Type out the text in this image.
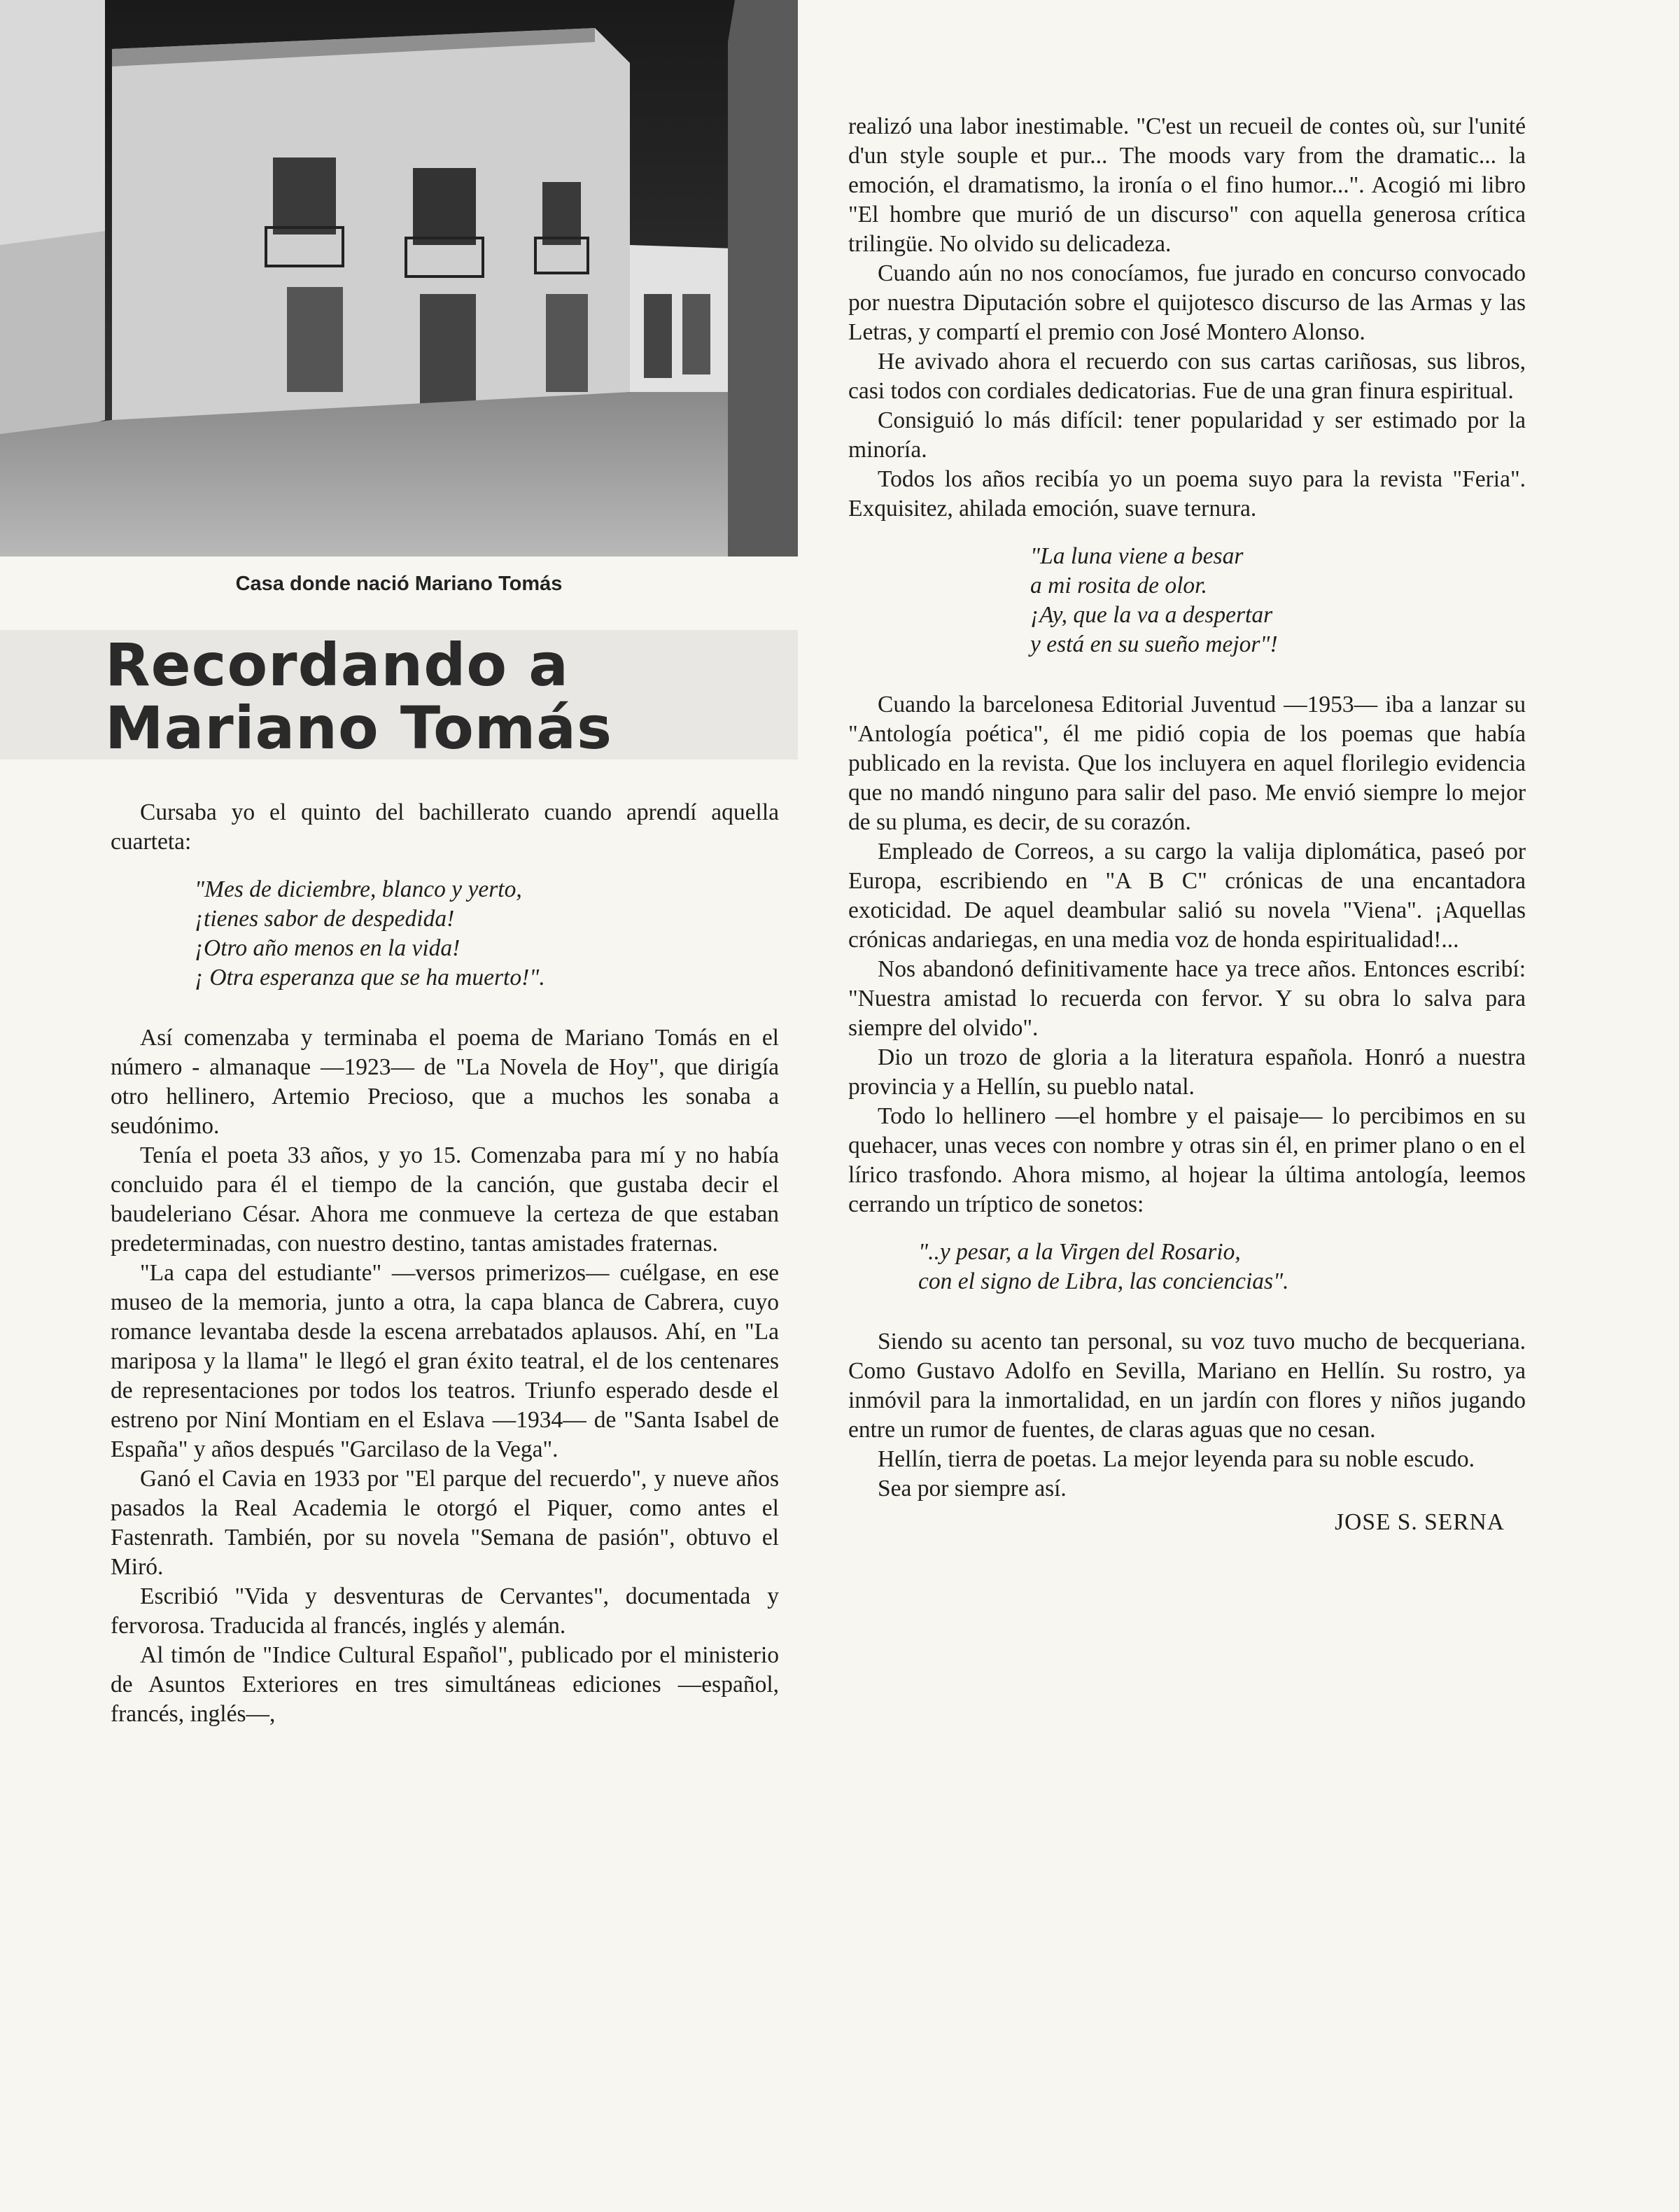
Casa donde nació Mariano Tomás
Recordando a
Mariano Tomás

Cursaba yo el quinto del bachillerato cuando aprendí aquella cuarteta:

"Mes de diciembre, blanco y yerto,
¡tienes sabor de despedida!
¡Otro año menos en la vida!
¡ Otra esperanza que se ha muerto!".

Así comenzaba y terminaba el poema de Mariano Tomás en el número - almanaque —1923— de "La Novela de Hoy", que dirigía otro hellinero, Artemio Precioso, que a muchos les sonaba a seudónimo.

Tenía el poeta 33 años, y yo 15. Comenzaba para mí y no había concluido para él el tiempo de la canción, que gustaba decir el baudeleriano César. Ahora me conmueve la certeza de que estaban predeterminadas, con nuestro destino, tantas amistades fraternas.

"La capa del estudiante" —versos primerizos— cuélgase, en ese museo de la memoria, junto a otra, la capa blanca de Cabrera, cuyo romance levantaba desde la escena arrebatados aplausos. Ahí, en "La mariposa y la llama" le llegó el gran éxito teatral, el de los centenares de representaciones por todos los teatros. Triunfo esperado desde el estreno por Niní Montiam en el Eslava —1934— de "Santa Isabel de España" y años después "Garcilaso de la Vega".

Ganó el Cavia en 1933 por "El parque del recuerdo", y nueve años pasados la Real Academia le otorgó el Piquer, como antes el Fastenrath. También, por su novela "Semana de pasión", obtuvo el Miró.

Escribió "Vida y desventuras de Cervantes", documentada y fervorosa. Traducida al francés, inglés y alemán.

Al timón de "Indice Cultural Español", publicado por el ministerio de Asuntos Exteriores en tres simultáneas ediciones —español, francés, inglés—,

realizó una labor inestimable. "C'est un recueil de contes où, sur l'unité d'un style souple et pur... The moods vary from the dramatic... la emoción, el dramatismo, la ironía o el fino humor...". Acogió mi libro "El hombre que murió de un discurso" con aquella generosa crítica trilingüe. No olvido su delicadeza.

Cuando aún no nos conocíamos, fue jurado en concurso convocado por nuestra Diputación sobre el quijotesco discurso de las Armas y las Letras, y compartí el premio con José Montero Alonso.

He avivado ahora el recuerdo con sus cartas cariñosas, sus libros, casi todos con cordiales dedicatorias. Fue de una gran finura espiritual.

Consiguió lo más difícil: tener popularidad y ser estimado por la minoría.

Todos los años recibía yo un poema suyo para la revista "Feria". Exquisitez, ahilada emoción, suave ternura.

"La luna viene a besar
a mi rosita de olor.
¡Ay, que la va a despertar
y está en su sueño mejor"!

Cuando la barcelonesa Editorial Juventud —1953— iba a lanzar su "Antología poética", él me pidió copia de los poemas que había publicado en la revista. Que los incluyera en aquel florilegio evidencia que no mandó ninguno para salir del paso. Me envió siempre lo mejor de su pluma, es decir, de su corazón.

Empleado de Correos, a su cargo la valija diplomática, paseó por Europa, escribiendo en "A B C" crónicas de una encantadora exoticidad. De aquel deambular salió su novela "Viena". ¡Aquellas crónicas andariegas, en una media voz de honda espiritualidad!...

Nos abandonó definitivamente hace ya trece años. Entonces escribí: "Nuestra amistad lo recuerda con fervor. Y su obra lo salva para siempre del olvido".

Dio un trozo de gloria a la literatura española. Honró a nuestra provincia y a Hellín, su pueblo natal.

Todo lo hellinero —el hombre y el paisaje— lo percibimos en su quehacer, unas veces con nombre y otras sin él, en primer plano o en el lírico trasfondo. Ahora mismo, al hojear la última antología, leemos cerrando un tríptico de sonetos:

"..y pesar, a la Virgen del Rosario,
con el signo de Libra, las conciencias".

Siendo su acento tan personal, su voz tuvo mucho de becqueriana. Como Gustavo Adolfo en Sevilla, Mariano en Hellín. Su rostro, ya inmóvil para la inmortalidad, en un jardín con flores y niños jugando entre un rumor de fuentes, de claras aguas que no cesan.

Hellín, tierra de poetas. La mejor leyenda para su noble escudo.

Sea por siempre así.

JOSE S. SERNA
